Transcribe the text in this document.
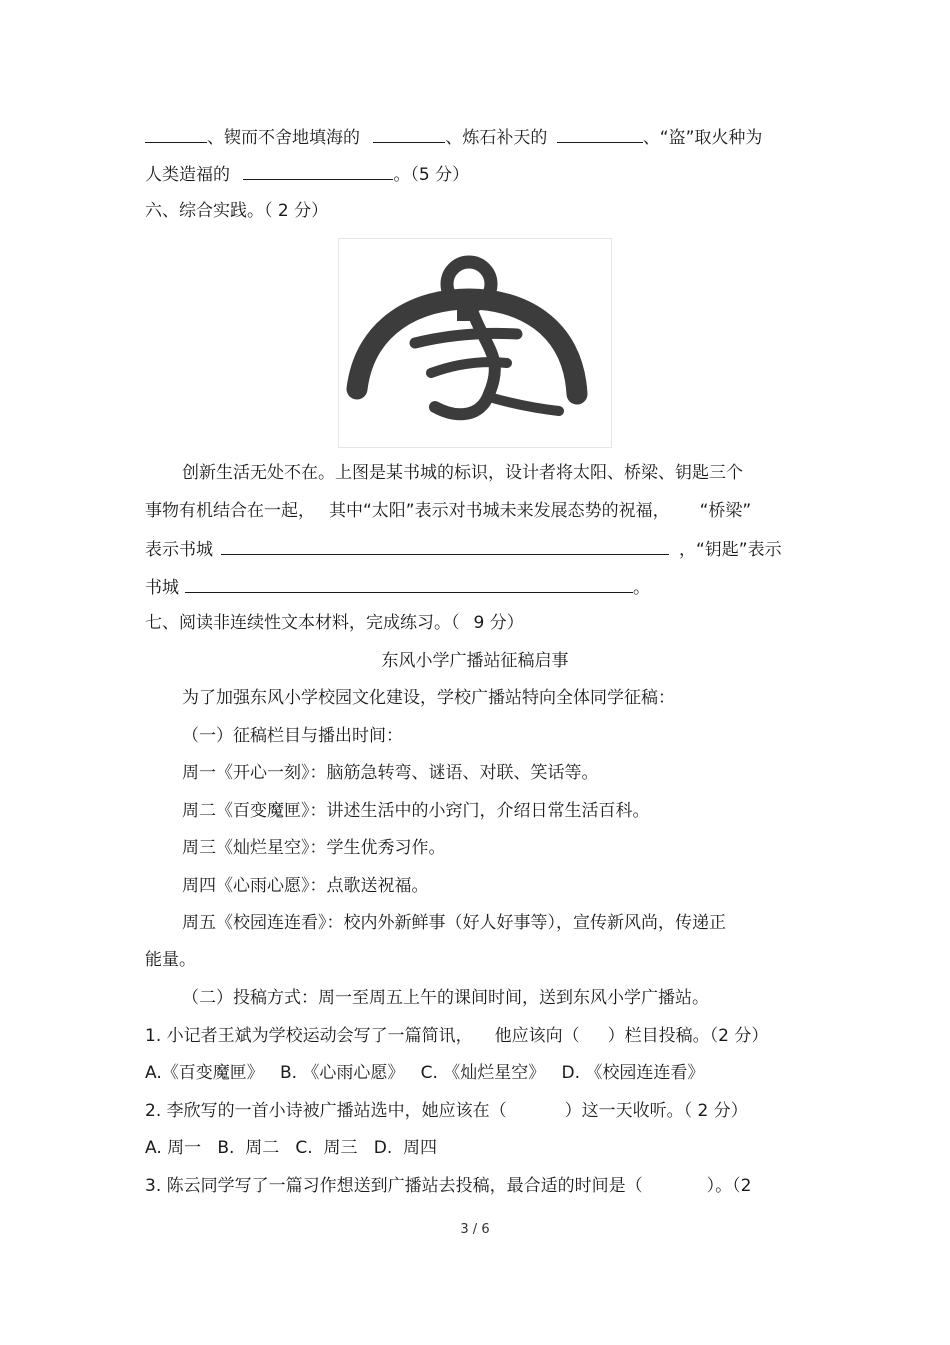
、锲而不舍地填海的	、炼石补天的	、“盗”取火种为
人类造福的	。（5 分）
六、综合实践。（ 2 分）
创新生活无处不在。上图是某书城的标识，设计者将太阳、桥梁、钥匙三个
事物有机结合在一起， 其中“太阳”表示对书城未来发展态势的祝福， “桥梁”
表示书城	，“钥匙”表示
书城	。
七、阅读非连续性文本材料，完成练习。（ 9 分）
东风小学广播站征稿启事
为了加强东风小学校园文化建设，学校广播站特向全体同学征稿：
（一）征稿栏目与播出时间：
周一《开心一刻》：脑筋急转弯、谜语、对联、笑话等。
周二《百变魔匣》：讲述生活中的小窍门，介绍日常生活百科。
周三《灿烂星空》：学生优秀习作。
周四《心雨心愿》：点歌送祝福。
周五《校园连连看》：校内外新鲜事（好人好事等），宣传新风尚，传递正
能量。
（二）投稿方式：周一至周五上午的课间时间，送到东风小学广播站。
1. 小记者王斌为学校运动会写了一篇简讯， 他应该向（ ）栏目投稿。（2 分）
A.《百变魔匣》   B. 《心雨心愿》   C. 《灿烂星空》   D. 《校园连连看》
2. 李欣写的一首小诗被广播站选中，她应该在（	）这一天收听。（ 2 分）
A. 周一   B.  周二   C.  周三   D.  周四
3. 陈云同学写了一篇习作想送到广播站去投稿，最合适的时间是（	）。（2
3 / 6
